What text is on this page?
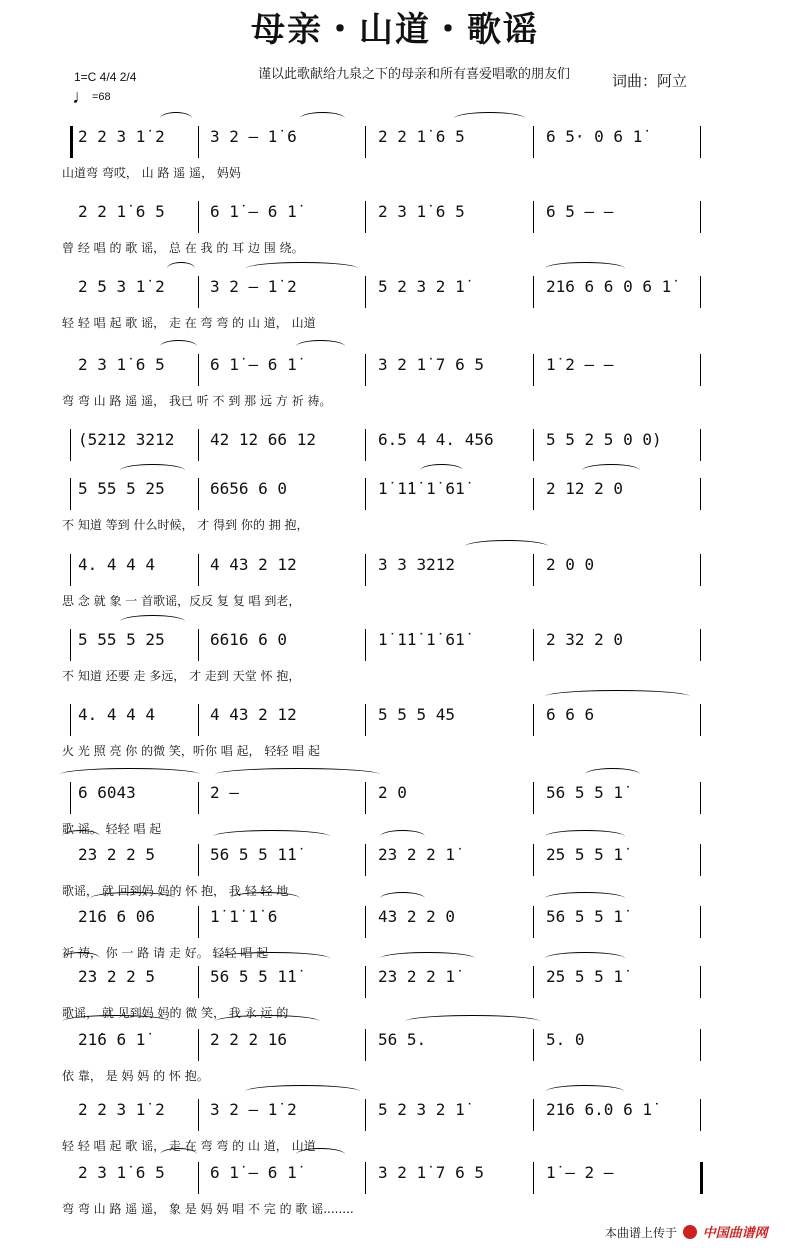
母亲・山道・歌谣
谨以此歌献给九泉之下的母亲和所有喜爱唱歌的朋友们	词曲：阿立
1=C 4/4 2/4
♩=68
2 2 3 1̇ 2	3 2 – 1̇ 6	2 2 1̇ 6 5	6 5· 0 6 1̇
山道弯 弯哎， 山 路 遥 遥， 妈妈
2 2 1̇ 6 5	6 1̇ – 6 1̇	2 3 1̇ 6 5	6 5 – –
曾 经 唱 的 歌 谣， 总 在 我 的 耳 边 围 绕。
2 5 3 1̇ 2	3 2 – 1̇ 2	5 2 3 2 1̇	216 6 6 0 6 1̇
轻 轻 唱 起 歌 谣， 走 在 弯 弯 的 山 道， 山道
2 3 1̇ 6 5	6 1̇ – 6 1̇	3 2 1̇ 7 6 5	1̇ 2 – –
弯 弯 山 路 遥 遥， 我已 听 不 到 那 远 方 祈 祷。
(5212 3212	42 12 66 12	6.5 4 4. 456	5 5 2 5 0 0)
5 55 5 25	6656 6 0	1̇ 1̇1̇ 1̇ 61̇	2 12 2 0
不 知道 等到 什么时候， 才 得到 你的 拥 抱，
4. 4 4 4	4 43 2 12	3 3 3212	2 0 0
思 念 就 象 一 首歌谣，反反 复 复 唱 到老，
5 55 5 25	6616 6 0	1̇ 1̇1̇ 1̇ 61̇	2 32 2 0
不 知道 还要 走 多远， 才 走到 天堂 怀 抱，
4. 4 4 4	4 43 2 12	5 5 5 45	6 6 6
火 光 照 亮 你 的微 笑，听你 唱 起， 轻轻 唱 起
6 6043	2 –	2 0	56 5 5 1̇
歌 谣。 轻轻 唱 起
23 2 2 5	56 5 5 1̇1̇	23 2 2 1̇	25 5 5 1̇
歌谣， 就 回到妈 妈的 怀 抱， 我 轻 轻 地
216 6 06	1̇ 1̇ 1̇ 6	43 2 2 0	56 5 5 1̇
祈 祷， 你 一 路 请 走 好。 轻轻 唱 起
23 2 2 5	56 5 5 1̇1̇	23 2 2 1̇	25 5 5 1̇
歌谣， 就 见到妈 妈的 微 笑， 我 永 远 的
21̇6 6 1̇	2 2 2 16	56 5.	5. 0
依 靠， 是 妈 妈 的 怀 抱。
2 2 3 1̇ 2	3 2 – 1̇ 2	5 2 3 2 1̇	216 6.0 6 1̇
轻 轻 唱 起 歌 谣， 走 在 弯 弯 的 山 道， 山道
2 3 1̇ 6 5	6 1̇ – 6 1̇	3 2 1̇ 7 6 5	1̇ – 2 –
弯 弯 山 路 遥 遥， 象 是 妈 妈 唱 不 完 的 歌 谣........
本曲谱上传于 中国曲谱网
